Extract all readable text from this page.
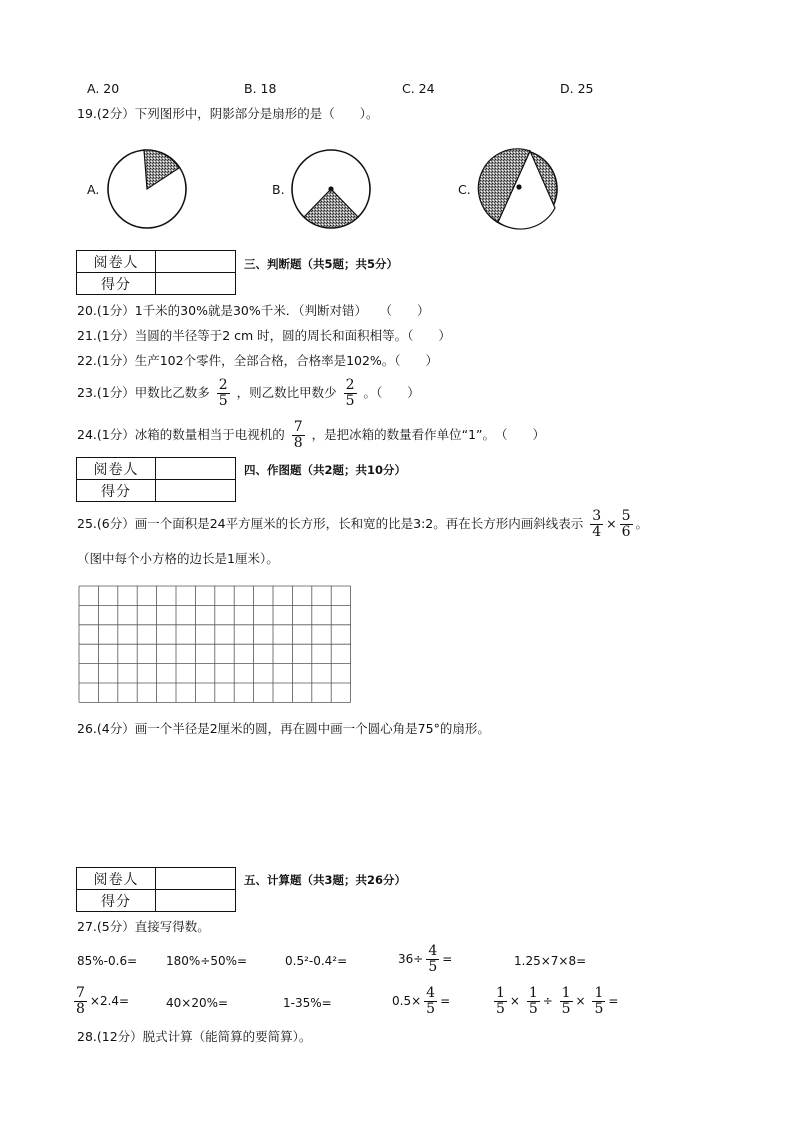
A. 20	B. 18	C. 24	D. 25
19.(2分）下列图形中，阴影部分是扇形的是（　　）。
A.	B.	C.
阅卷人	
得分	
三、判断题（共5题；共5分）
20.(1分）1千米的30%就是30%千米．（判断对错）　　（　　）
21.(1分）当圆的半径等于2 cm 时，圆的周长和面积相等。（　　）
22.(1分）生产102个零件，全部合格，合格率是102%。（　　）
23.(1分）甲数比乙数多 $\frac{2}{5}$ ，则乙数比甲数少 $\frac{2}{5}$ 。（　　）
24.(1分）冰箱的数量相当于电视机的 $\frac{7}{8}$ ，是把冰箱的数量看作单位“1”。　（　　）
阅卷人	
得分	
四、作图题（共2题；共10分）
25.(6分）画一个面积是24平方厘米的长方形，长和宽的比是3:2。再在长方形内画斜线表示 $\frac{3}{4} \times \frac{5}{6}$ 。
（图中每个小方格的边长是1厘米）。
26.(4分）画一个半径是2厘米的圆，再在圆中画一个圆心角是75°的扇形。
阅卷人	
得分	
五、计算题（共3题；共26分）
27.(5分）直接写得数。
85%-0.6= 180%÷50%=	0.5²-0.4²=	$36\div \frac{4}{5}$ =	1.25×7×8=
$\frac{7}{8} \times 2.4=$	40×20%=	1-35%=	$0.5\times \frac{4}{5}$ =	$\frac{1}{5} \times \frac{1}{5} \div \frac{1}{5} \times \frac{1}{5}$ =
28.(12分）脱式计算（能简算的要简算）。
